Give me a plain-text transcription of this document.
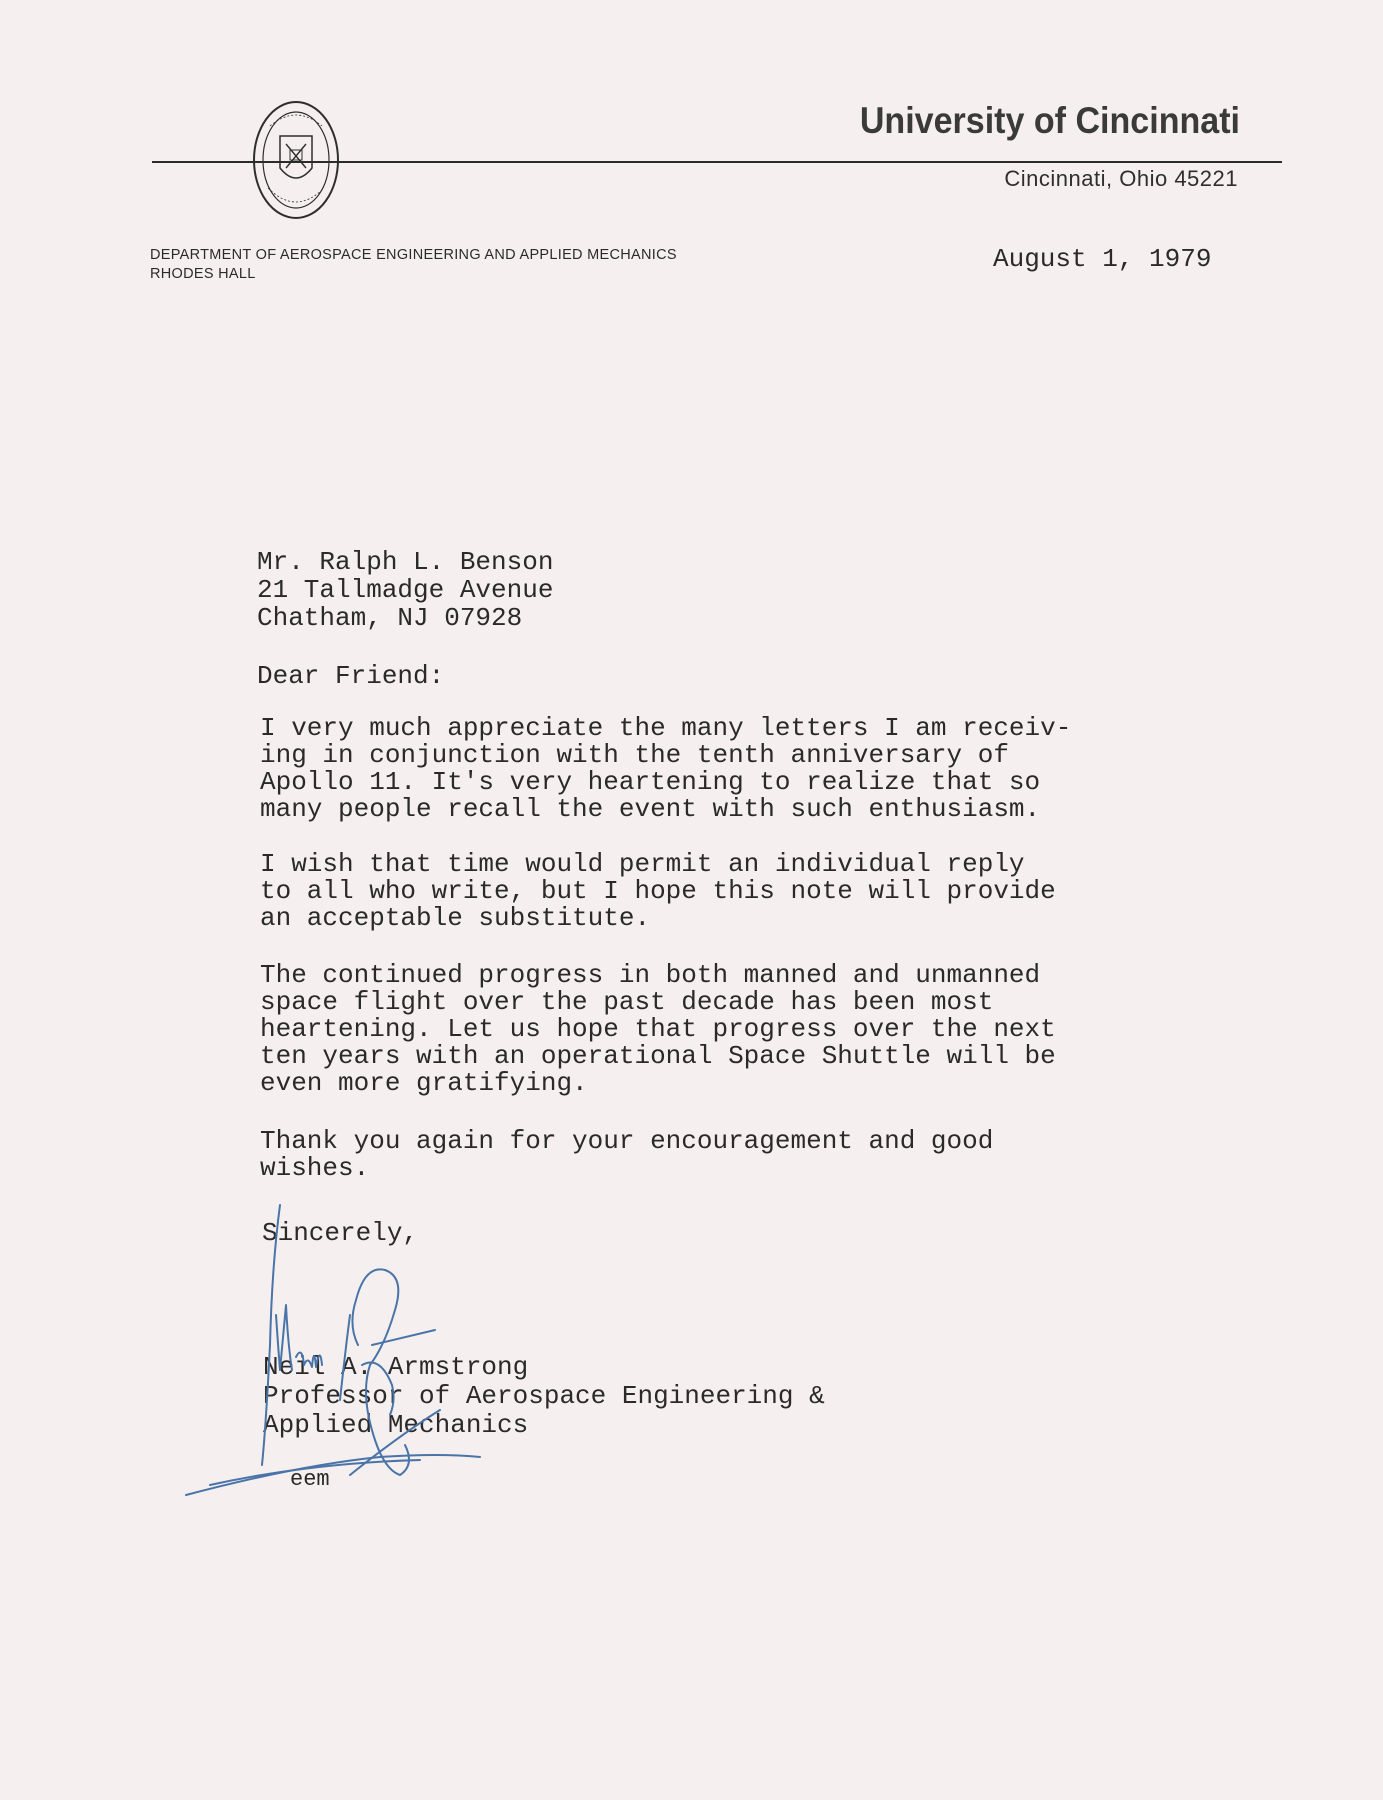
University of Cincinnati
Cincinnati, Ohio 45221
DEPARTMENT OF AEROSPACE ENGINEERING AND APPLIED MECHANICS
RHODES HALL	August 1, 1979
Mr. Ralph L. Benson
21 Tallmadge Avenue
Chatham, NJ 07928
Dear Friend:
I very much appreciate the many letters I am receiv-
ing in conjunction with the tenth anniversary of
Apollo 11. It's very heartening to realize that so
many people recall the event with such enthusiasm.
I wish that time would permit an individual reply
to all who write, but I hope this note will provide
an acceptable substitute.
The continued progress in both manned and unmanned
space flight over the past decade has been most
heartening. Let us hope that progress over the next
ten years with an operational Space Shuttle will be
even more gratifying.
Thank you again for your encouragement and good
wishes.
Sincerely,
Neil A. Armstrong
Professor of Aerospace Engineering &
Applied Mechanics
eem
